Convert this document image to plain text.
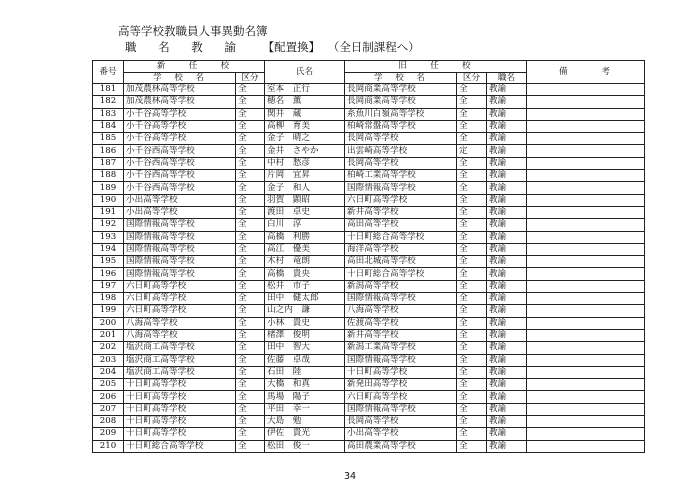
高等学校教職員人事異動名簿
職 名 教 諭 【配置換】 （全日制課程へ）
番号	新　　任　　校		氏名	旧　　任　　校			備　　　考
	学　校　名	区分		学　校　名	区分	職名	
181	加茂農林高等学校	全	室本　正行	長岡商業高等学校	全	教諭	
182	加茂農林高等学校	全	穂名　薫	長岡商業高等学校	全	教諭	
183	小千谷高等学校	全	関井　蔵	糸魚川白嶺高等学校	全	教諭	
184	小千谷高等学校	全	高柳　育美	柏崎常盤高等学校	全	教諭	
185	小千谷高等学校	全	金子　晴之	長岡高等学校	全	教諭	
186	小千谷西高等学校	全	金井　さやか	出雲崎高等学校	定	教諭	
187	小千谷西高等学校	全	中村　愁彦	長岡高等学校	全	教諭	
188	小千谷西高等学校	全	片岡　宜昇	柏崎工業高等学校	全	教諭	
189	小千谷西高等学校	全	金子　和人	国際情報高等学校	全	教諭	
190	小出高等学校	全	羽賀　顕昭	六日町高等学校	全	教諭	
191	小出高等学校	全	渡田　卓史	新井高等学校	全	教諭	
192	国際情報高等学校	全	白川　淳	高田高等学校	全	教諭	
193	国際情報高等学校	全	高橋　利勝	十日町総合高等学校	全	教諭	
194	国際情報高等学校	全	高江　優美	海洋高等学校	全	教諭	
195	国際情報高等学校	全	木村　竜朗	高田北城高等学校	全	教諭	
196	国際情報高等学校	全	高橋　貴央	十日町総合高等学校	全	教諭	
197	六日町高等学校	全	松井　市子	新潟高等学校	全	教諭	
198	六日町高等学校	全	田中　健太郎	国際情報高等学校	全	教諭	
199	六日町高等学校	全	山之内　謙	八海高等学校	全	教諭	
200	八海高等学校	全	小林　貴史	佐渡高等学校	全	教諭	
201	八海高等学校	全	楮澤　俊明	新井高等学校	全	教諭	
202	塩沢商工高等学校	全	田中　智大	新潟工業高等学校	全	教諭	
203	塩沢商工高等学校	全	佐藤　卓哉	国際情報高等学校	全	教諭	
204	塩沢商工高等学校	全	石田　陸	十日町高等学校	全	教諭	
205	十日町高等学校	全	大橋　和真	新発田高等学校	全	教諭	
206	十日町高等学校	全	馬場　陽子	六日町高等学校	全	教諭	
207	十日町高等学校	全	平田　幸一	国際情報高等学校	全	教諭	
208	十日町高等学校	全	大島　勉	長岡高等学校	全	教諭	
209	十日町高等学校	全	伊佐　貴光	小出高等学校	全	教諭	
210	十日町総合高等学校	全	松田　俊一	高田農業高等学校	全	教諭	
34
